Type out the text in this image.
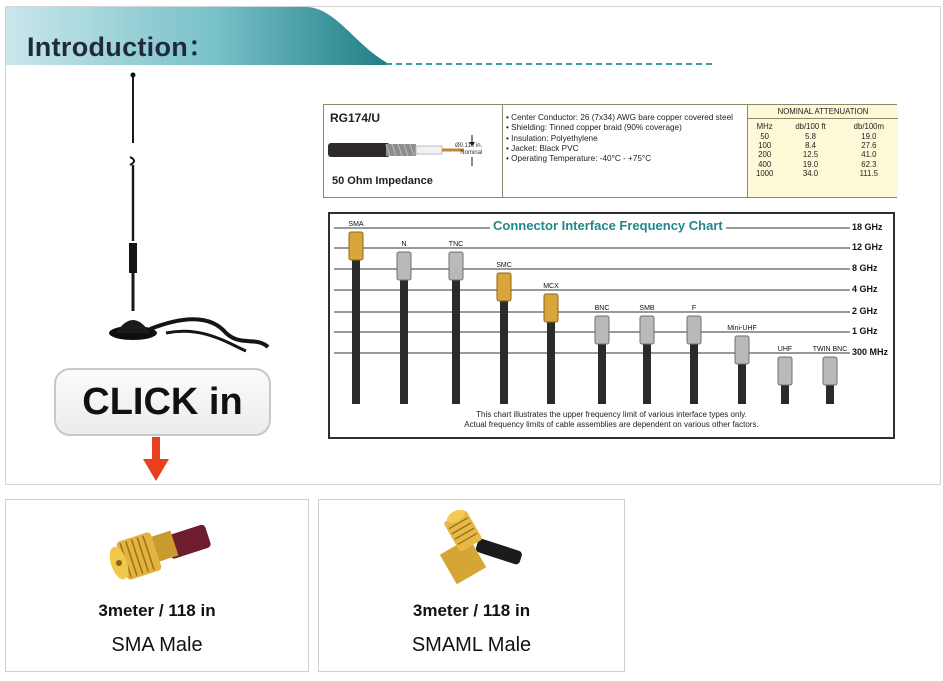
Introduction：
CLICK in
RG174/U
Ø0.110 in.
Nominal
50 Ohm Impedance
• Center Conductor: 26 (7x34) AWG bare copper covered steel
• Shielding: Tinned copper braid (90% coverage)
• Insulation: Polyethylene
• Jacket: Black PVC
• Operating Temperature: -40°C - +75°C
NOMINAL ATTENUATION
MHz	db/100 ft	db/100m
50	5.8	19.0
100	8.4	27.6
200	12.5	41.0
400	19.0	62.3
1000	34.0	111.5
Connector Interface Frequency Chart	18 GHz
12 GHz
8 GHz
4 GHz
2 GHz
1 GHz
300 MHz
SMA
N	TNC
SMC
MCX
BNC	SMB	F
Mini-UHF
UHF	TWIN BNC
This chart illustrates the upper frequency limit of various interface types only.
Actual frequency limits of cable assemblies are dependent on various other factors.
3meter / 118 in
SMA Male
3meter / 118 in
SMAML Male
